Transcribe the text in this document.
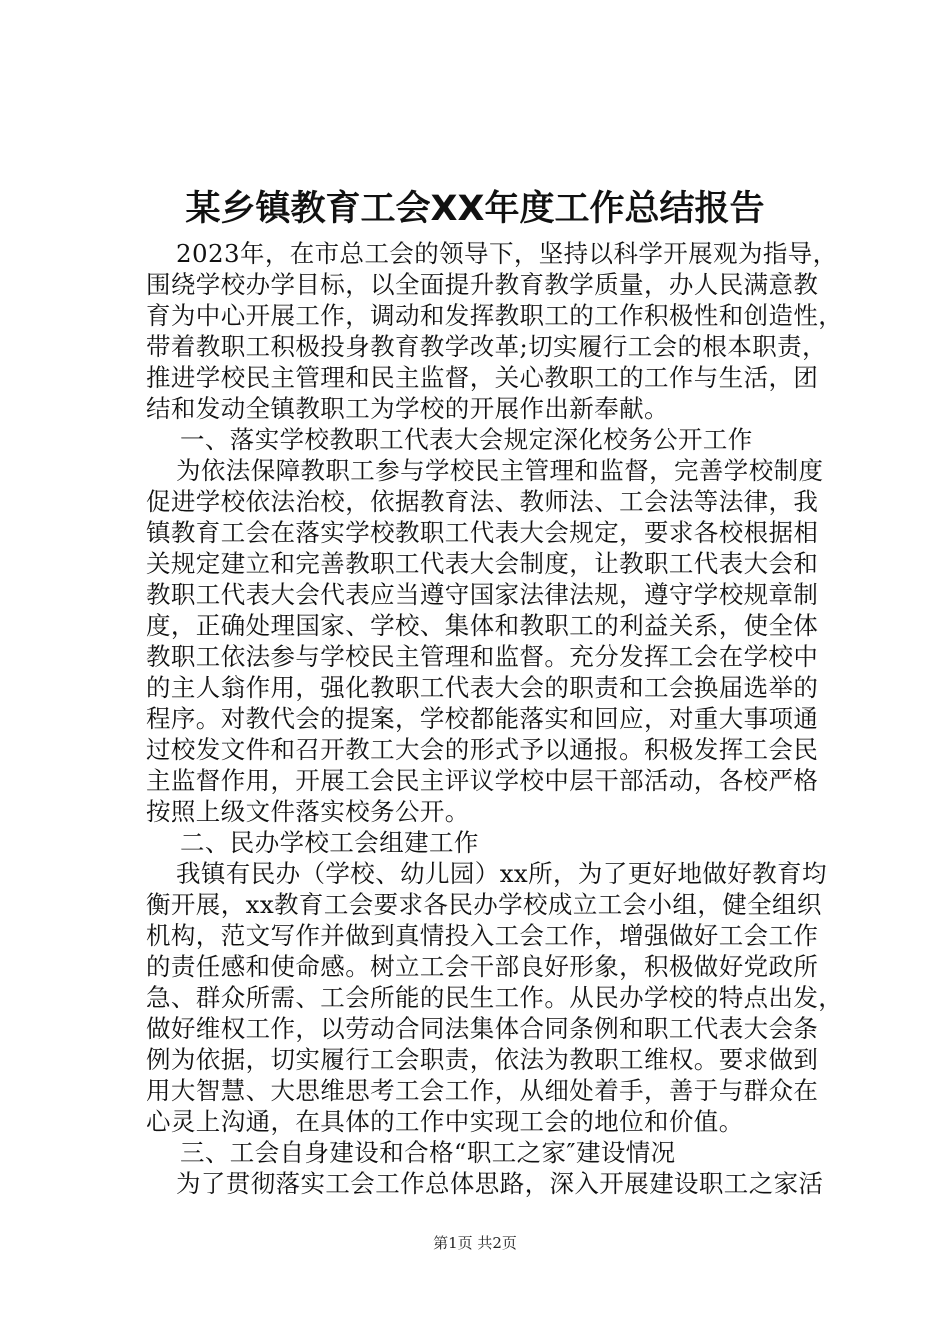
某乡镇教育工会XX年度工作总结报告
2023年，在市总工会的领导下，坚持以科学开展观为指导，
围绕学校办学目标，以全面提升教育教学质量，办人民满意教
育为中心开展工作，调动和发挥教职工的工作积极性和创造性，
带着教职工积极投身教育教学改革;切实履行工会的根本职责，
推进学校民主管理和民主监督，关心教职工的工作与生活，团
结和发动全镇教职工为学校的开展作出新奉献。
一、落实学校教职工代表大会规定深化校务公开工作
为依法保障教职工参与学校民主管理和监督，完善学校制度
促进学校依法治校，依据教育法、教师法、工会法等法律，我
镇教育工会在落实学校教职工代表大会规定，要求各校根据相
关规定建立和完善教职工代表大会制度，让教职工代表大会和
教职工代表大会代表应当遵守国家法律法规，遵守学校规章制
度，正确处理国家、学校、集体和教职工的利益关系，使全体
教职工依法参与学校民主管理和监督。充分发挥工会在学校中
的主人翁作用，强化教职工代表大会的职责和工会换届选举的
程序。对教代会的提案，学校都能落实和回应，对重大事项通
过校发文件和召开教工大会的形式予以通报。积极发挥工会民
主监督作用，开展工会民主评议学校中层干部活动，各校严格
按照上级文件落实校务公开。
二、民办学校工会组建工作
我镇有民办（学校、幼儿园）xx所，为了更好地做好教育均
衡开展，xx教育工会要求各民办学校成立工会小组，健全组织
机构，范文写作并做到真情投入工会工作，增强做好工会工作
的责任感和使命感。树立工会干部良好形象，积极做好党政所
急、群众所需、工会所能的民生工作。从民办学校的特点出发，
做好维权工作，以劳动合同法集体合同条例和职工代表大会条
例为依据，切实履行工会职责，依法为教职工维权。要求做到
用大智慧、大思维思考工会工作，从细处着手，善于与群众在
心灵上沟通，在具体的工作中实现工会的地位和价值。
三、工会自身建设和合格“职工之家″建设情况
为了贯彻落实工会工作总体思路，深入开展建设职工之家活
第1页 共2页
